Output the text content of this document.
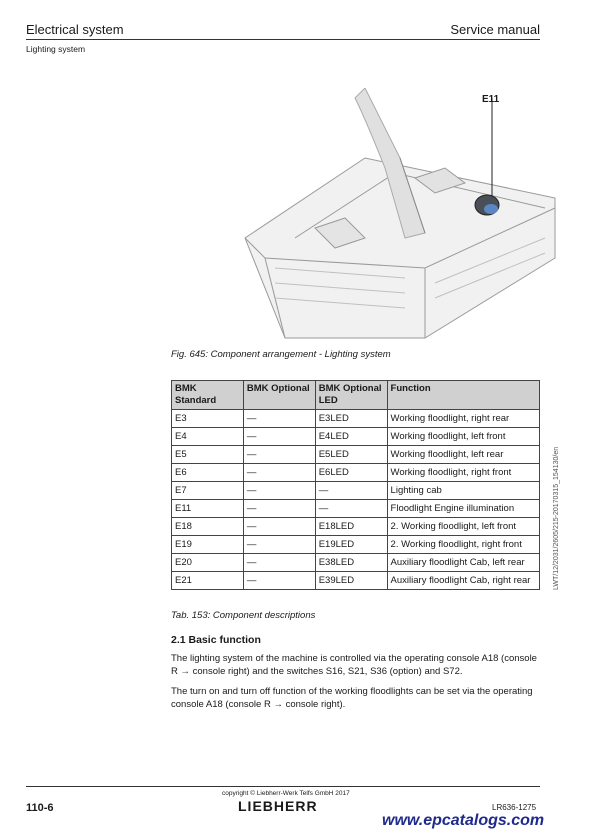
Electrical system	Service manual
Lighting system
E11
Fig. 645: Component arrangement - Lighting system
BMK Standard	BMK Optional	BMK Optional LED	Function
E3	—	E3LED	Working floodlight, right rear
E4	—	E4LED	Working floodlight, left front
E5	—	E5LED	Working floodlight, left rear
E6	—	E6LED	Working floodlight, right front
E7	—	—	Lighting cab
E11	—	—	Floodlight Engine illumination
E18	—	E18LED	2. Working floodlight, left front
E19	—	E19LED	2. Working floodlight, right front
E20	—	E38LED	Auxiliary floodlight Cab, left rear
E21	—	E39LED	Auxiliary floodlight Cab, right rear
Tab. 153: Component descriptions
2.1 Basic function
The lighting system of the machine is controlled via the operating console A18 (console R → console right) and the switches S16, S21, S36 (option) and S72.
The turn on and turn off function of the working floodlights can be set via the operating console A18 (console R → console right).
LWT/12/2031/2605/215-20170315_154130/en
copyright © Liebherr-Werk Telfs GmbH 2017
110-6	LIEBHERR	LR636-1275
www.epcatalogs.com
